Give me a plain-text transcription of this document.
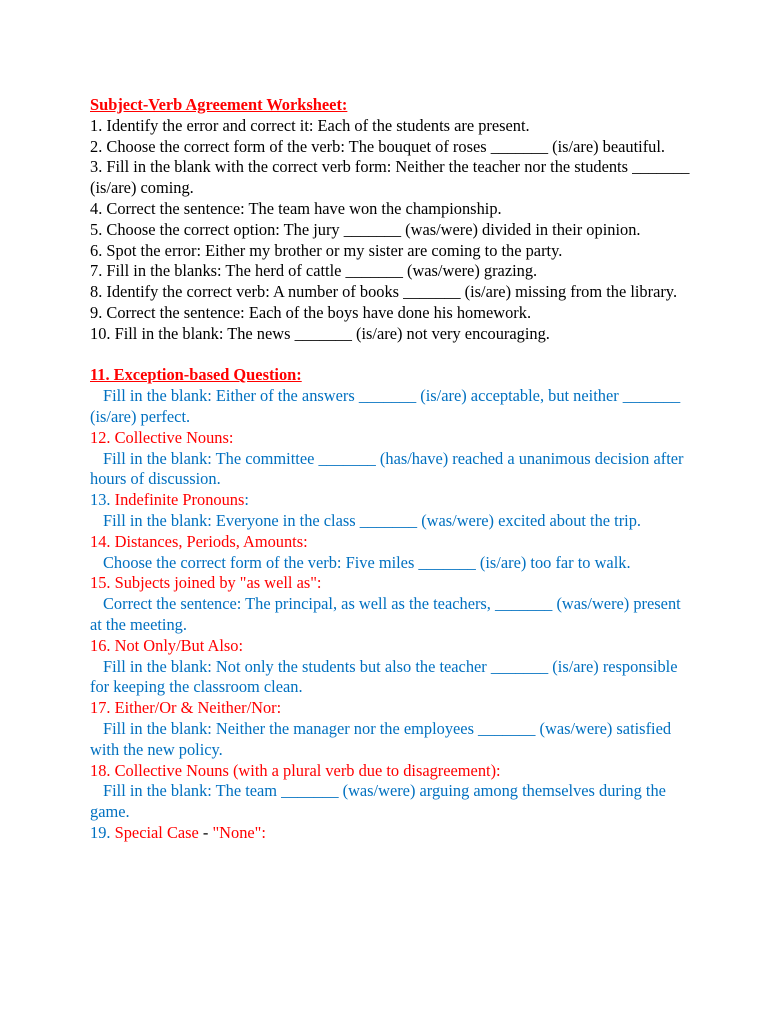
Subject-Verb Agreement Worksheet:
1. Identify the error and correct it: Each of the students are present.
2. Choose the correct form of the verb: The bouquet of roses _______ (is/are) beautiful.
3. Fill in the blank with the correct verb form: Neither the teacher nor the students _______ (is/are) coming.
4. Correct the sentence: The team have won the championship.
5. Choose the correct option: The jury _______ (was/were) divided in their opinion.
6. Spot the error: Either my brother or my sister are coming to the party.
7. Fill in the blanks: The herd of cattle _______ (was/were) grazing.
8. Identify the correct verb: A number of books _______ (is/are) missing from the library.
9. Correct the sentence: Each of the boys have done his homework.
10. Fill in the blank: The news _______ (is/are) not very encouraging.
11. Exception-based Question:
Fill in the blank: Either of the answers _______ (is/are) acceptable, but neither _______ (is/are) perfect.
12. Collective Nouns:
Fill in the blank: The committee _______ (has/have) reached a unanimous decision after hours of discussion.
13. Indefinite Pronouns:
Fill in the blank: Everyone in the class _______ (was/were) excited about the trip.
14. Distances, Periods, Amounts:
Choose the correct form of the verb: Five miles _______ (is/are) too far to walk.
15. Subjects joined by "as well as":
Correct the sentence: The principal, as well as the teachers, _______ (was/were) present at the meeting.
16. Not Only/But Also:
Fill in the blank: Not only the students but also the teacher _______ (is/are) responsible for keeping the classroom clean.
17. Either/Or & Neither/Nor:
Fill in the blank: Neither the manager nor the employees _______ (was/were) satisfied with the new policy.
18. Collective Nouns (with a plural verb due to disagreement):
Fill in the blank: The team _______ (was/were) arguing among themselves during the game.
19. Special Case - "None":
